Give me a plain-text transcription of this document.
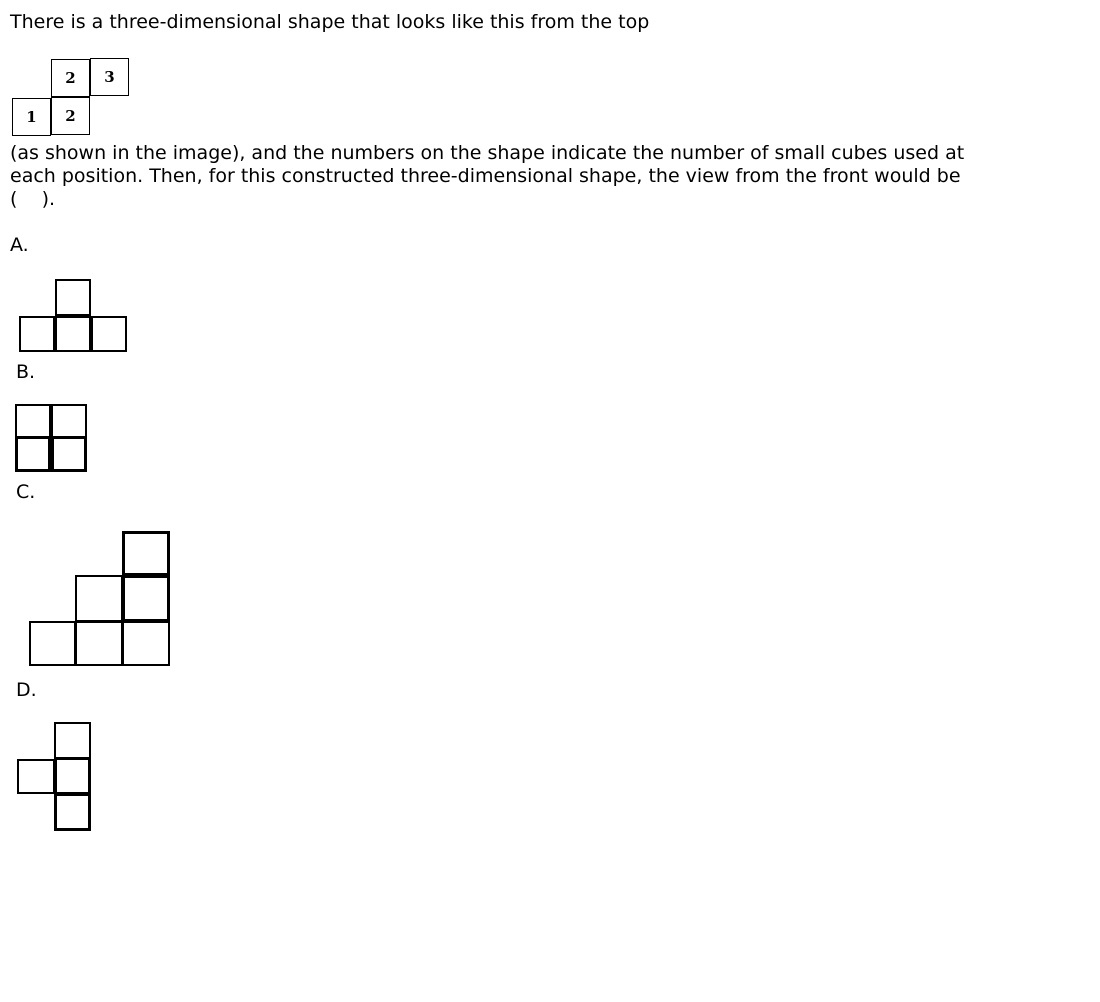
There is a three-dimensional shape that looks like this from the top
2	3
1	2
(as shown in the image), and the numbers on the shape indicate the number of small cubes used at
each position. Then, for this constructed three-dimensional shape, the view from the front would be
(    ).
A.
B.
C.
D.
